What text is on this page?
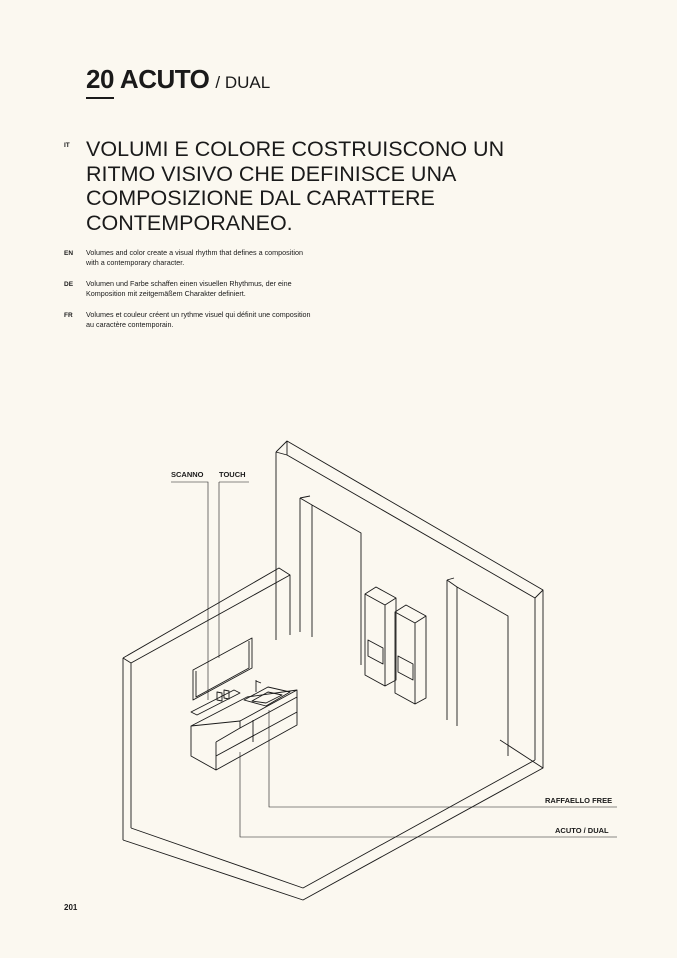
20 ACUTO / DUAL
IT VOLUMI E COLORE COSTRUISCONO UN RITMO VISIVO CHE DEFINISCE UNA COMPOSIZIONE DAL CARATTERE CONTEMPORANEO.
EN Volumes and color create a visual rhythm that defines a composition
with a contemporary character.

DE Volumen und Farbe schaffen einen visuellen Rhythmus, der eine
Komposition mit zeitgemäßem Charakter definiert.

FR Volumes et couleur créent un rythme visuel qui définit une composition
au caractère contemporain.

SCANNO TOUCH
RAFFAELLO FREE
ACUTO / DUAL
201
